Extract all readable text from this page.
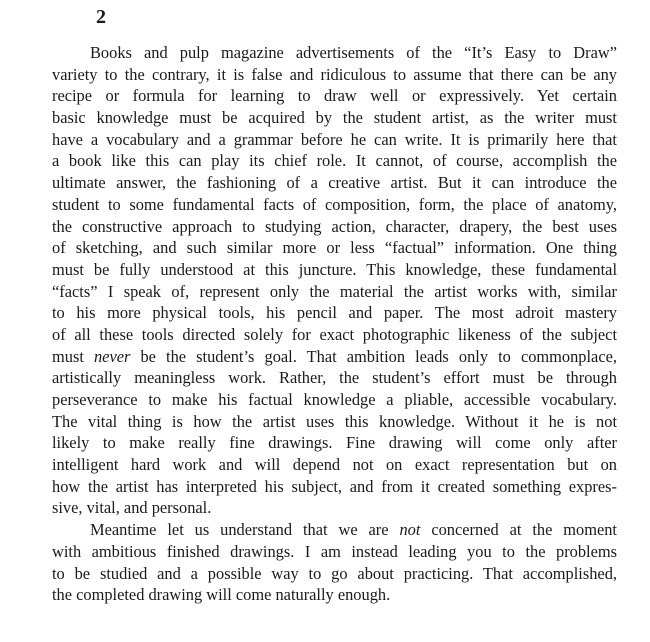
2
Books and pulp magazine advertisements of the “It’s Easy to Draw”
variety to the contrary, it is false and ridiculous to assume that there can be any
recipe or formula for learning to draw well or expressively. Yet certain
basic knowledge must be acquired by the student artist, as the writer must
have a vocabulary and a grammar before he can write. It is primarily here that
a book like this can play its chief role. It cannot, of course, accomplish the
ultimate answer, the fashioning of a creative artist. But it can introduce the
student to some fundamental facts of composition, form, the place of anatomy,
the constructive approach to studying action, character, drapery, the best uses
of sketching, and such similar more or less “factual” information. One thing
must be fully understood at this juncture. This knowledge, these fundamental
“facts” I speak of, represent only the material the artist works with, similar
to his more physical tools, his pencil and paper. The most adroit mastery
of all these tools directed solely for exact photographic likeness of the subject
must never be the student’s goal. That ambition leads only to commonplace,
artistically meaningless work. Rather, the student’s effort must be through
perseverance to make his factual knowledge a pliable, accessible vocabulary.
The vital thing is how the artist uses this knowledge. Without it he is not
likely to make really fine drawings. Fine drawing will come only after
intelligent hard work and will depend not on exact representation but on
how the artist has interpreted his subject, and from it created something expres-
sive, vital, and personal.
Meantime let us understand that we are not concerned at the moment
with ambitious finished drawings. I am instead leading you to the problems
to be studied and a possible way to go about practicing. That accomplished,
the completed drawing will come naturally enough.
